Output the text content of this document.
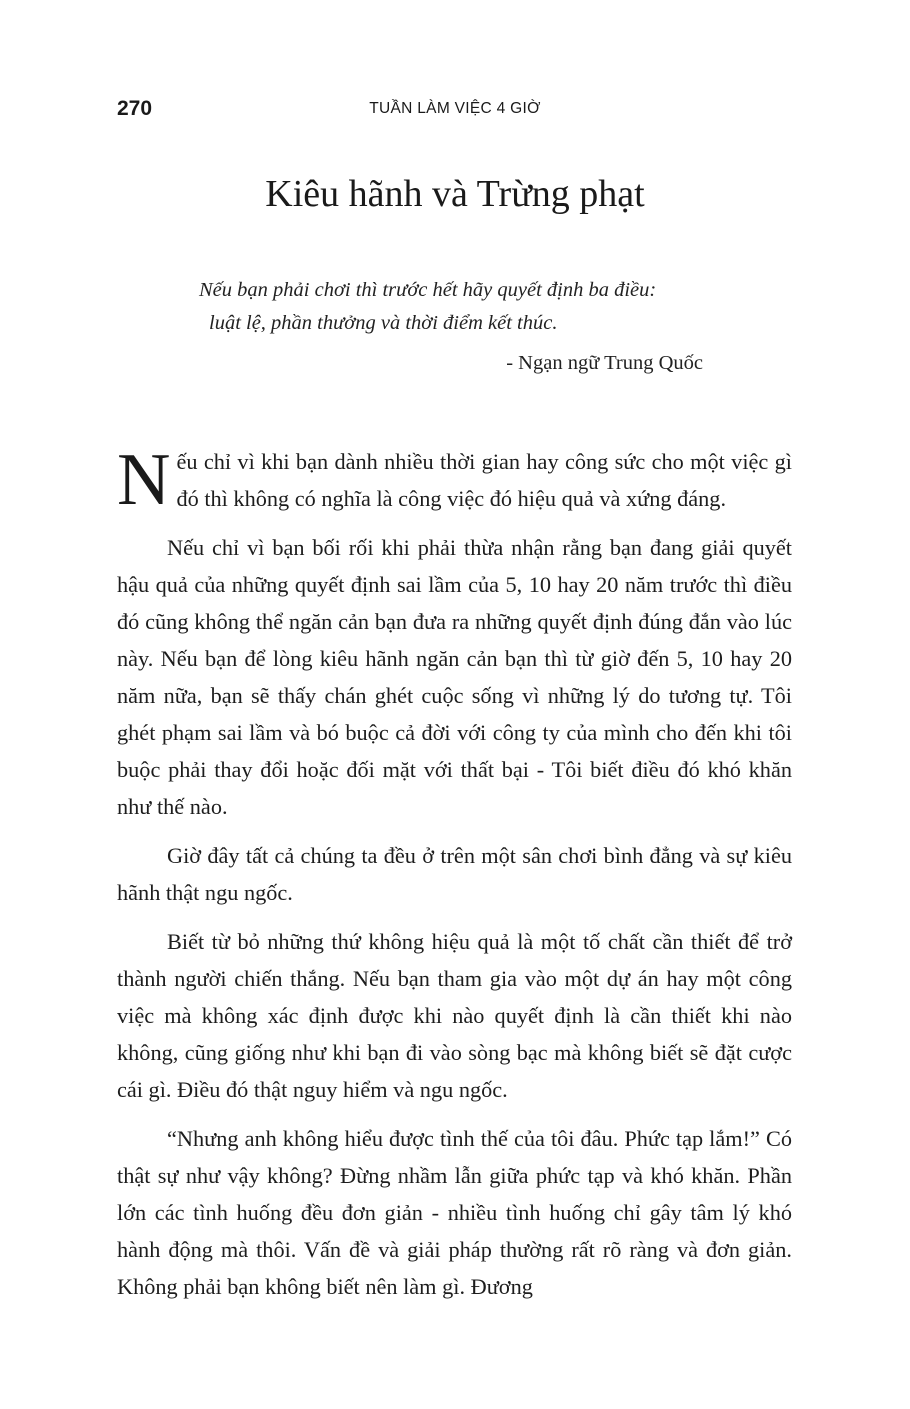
270	TUẦN LÀM VIỆC 4 GIỜ
Kiêu hãnh và Trừng phạt
Nếu bạn phải chơi thì trước hết hãy quyết định ba điều:
luật lệ, phần thưởng và thời điểm kết thúc.
- Ngạn ngữ Trung Quốc

Nếu chỉ vì khi bạn dành nhiều thời gian hay công sức cho một việc gì đó thì không có nghĩa là công việc đó hiệu quả và xứng đáng.

Nếu chỉ vì bạn bối rối khi phải thừa nhận rằng bạn đang giải quyết hậu quả của những quyết định sai lầm của 5, 10 hay 20 năm trước thì điều đó cũng không thể ngăn cản bạn đưa ra những quyết định đúng đắn vào lúc này. Nếu bạn để lòng kiêu hãnh ngăn cản bạn thì từ giờ đến 5, 10 hay 20 năm nữa, bạn sẽ thấy chán ghét cuộc sống vì những lý do tương tự. Tôi ghét phạm sai lầm và bó buộc cả đời với công ty của mình cho đến khi tôi buộc phải thay đổi hoặc đối mặt với thất bại - Tôi biết điều đó khó khăn như thế nào.

Giờ đây tất cả chúng ta đều ở trên một sân chơi bình đẳng và sự kiêu hãnh thật ngu ngốc.

Biết từ bỏ những thứ không hiệu quả là một tố chất cần thiết để trở thành người chiến thắng. Nếu bạn tham gia vào một dự án hay một công việc mà không xác định được khi nào quyết định là cần thiết khi nào không, cũng giống như khi bạn đi vào sòng bạc mà không biết sẽ đặt cược cái gì. Điều đó thật nguy hiểm và ngu ngốc.

“Nhưng anh không hiểu được tình thế của tôi đâu. Phức tạp lắm!” Có thật sự như vậy không? Đừng nhầm lẫn giữa phức tạp và khó khăn. Phần lớn các tình huống đều đơn giản - nhiều tình huống chỉ gây tâm lý khó hành động mà thôi. Vấn đề và giải pháp thường rất rõ ràng và đơn giản. Không phải bạn không biết nên làm gì. Đương
